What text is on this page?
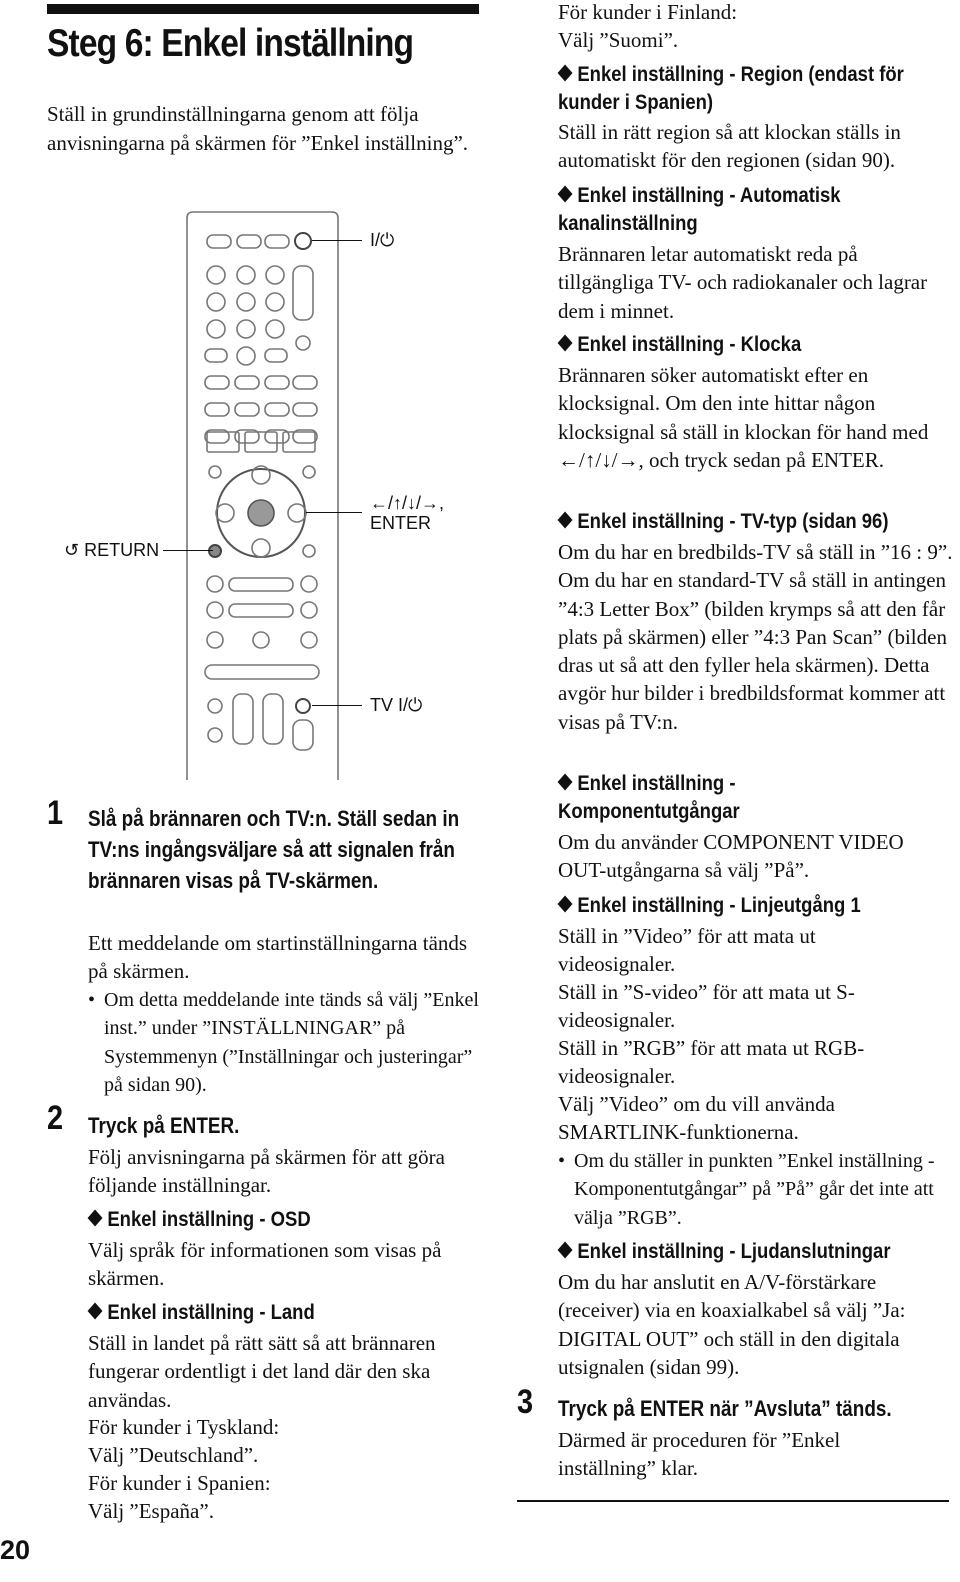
Steg 6: Enkel inställning

Ställ in grundinställningarna genom att följa anvisningarna på skärmen för ”Enkel inställning”.

I/⏻
←/↑/↓/→,
ENTER
↺ RETURN
TV I/⏻
1 Slå på brännaren och TV:n. Ställ sedan in TV:ns ingångsväljare så att signalen från brännaren visas på TV-skärmen.

Ett meddelande om startinställningarna tänds på skärmen.

• Om detta meddelande inte tänds så välj ”Enkel inst.” under ”INSTÄLLNINGAR” på Systemmenyn (”Inställningar och justeringar” på sidan 90).

2 Tryck på ENTER.

Följ anvisningarna på skärmen för att göra följande inställningar.

Enkel inställning - OSD

Välj språk för informationen som visas på skärmen.

Enkel inställning - Land

Ställ in landet på rätt sätt så att brännaren fungerar ordentligt i det land där den ska användas.

För kunder i Tyskland:

Välj ”Deutschland”.

För kunder i Spanien:

Välj ”España”.

För kunder i Finland:

Välj ”Suomi”.

Enkel inställning - Region (endast för kunder i Spanien)

Ställ in rätt region så att klockan ställs in automatiskt för den regionen (sidan 90).

Enkel inställning - Automatisk kanalinställning

Brännaren letar automatiskt reda på tillgängliga TV- och radiokanaler och lagrar dem i minnet.

Enkel inställning - Klocka

Brännaren söker automatiskt efter en klocksignal. Om den inte hittar någon klocksignal så ställ in klockan för hand med ←/↑/↓/→, och tryck sedan på ENTER.

Enkel inställning - TV-typ (sidan 96)

Om du har en bredbilds-TV så ställ in ”16 : 9”. Om du har en standard-TV så ställ in antingen ”4:3 Letter Box” (bilden krymps så att den får plats på skärmen) eller ”4:3 Pan Scan” (bilden dras ut så att den fyller hela skärmen). Detta avgör hur bilder i bredbildsformat kommer att visas på TV:n.

Enkel inställning - Komponentutgångar

Om du använder COMPONENT VIDEO OUT-utgångarna så välj ”På”.

Enkel inställning - Linjeutgång 1

Ställ in ”Video” för att mata ut videosignaler.

Ställ in ”S-video” för att mata ut S-videosignaler.

Ställ in ”RGB” för att mata ut RGB-videosignaler.

Välj ”Video” om du vill använda SMARTLINK-funktionerna.

• Om du ställer in punkten ”Enkel inställning - Komponentutgångar” på ”På” går det inte att välja ”RGB”.

Enkel inställning - Ljudanslutningar

Om du har anslutit en A/V-förstärkare (receiver) via en koaxialkabel så välj ”Ja: DIGITAL OUT” och ställ in den digitala utsignalen (sidan 99).

3 Tryck på ENTER när ”Avsluta” tänds.

Därmed är proceduren för ”Enkel inställning” klar.

20
